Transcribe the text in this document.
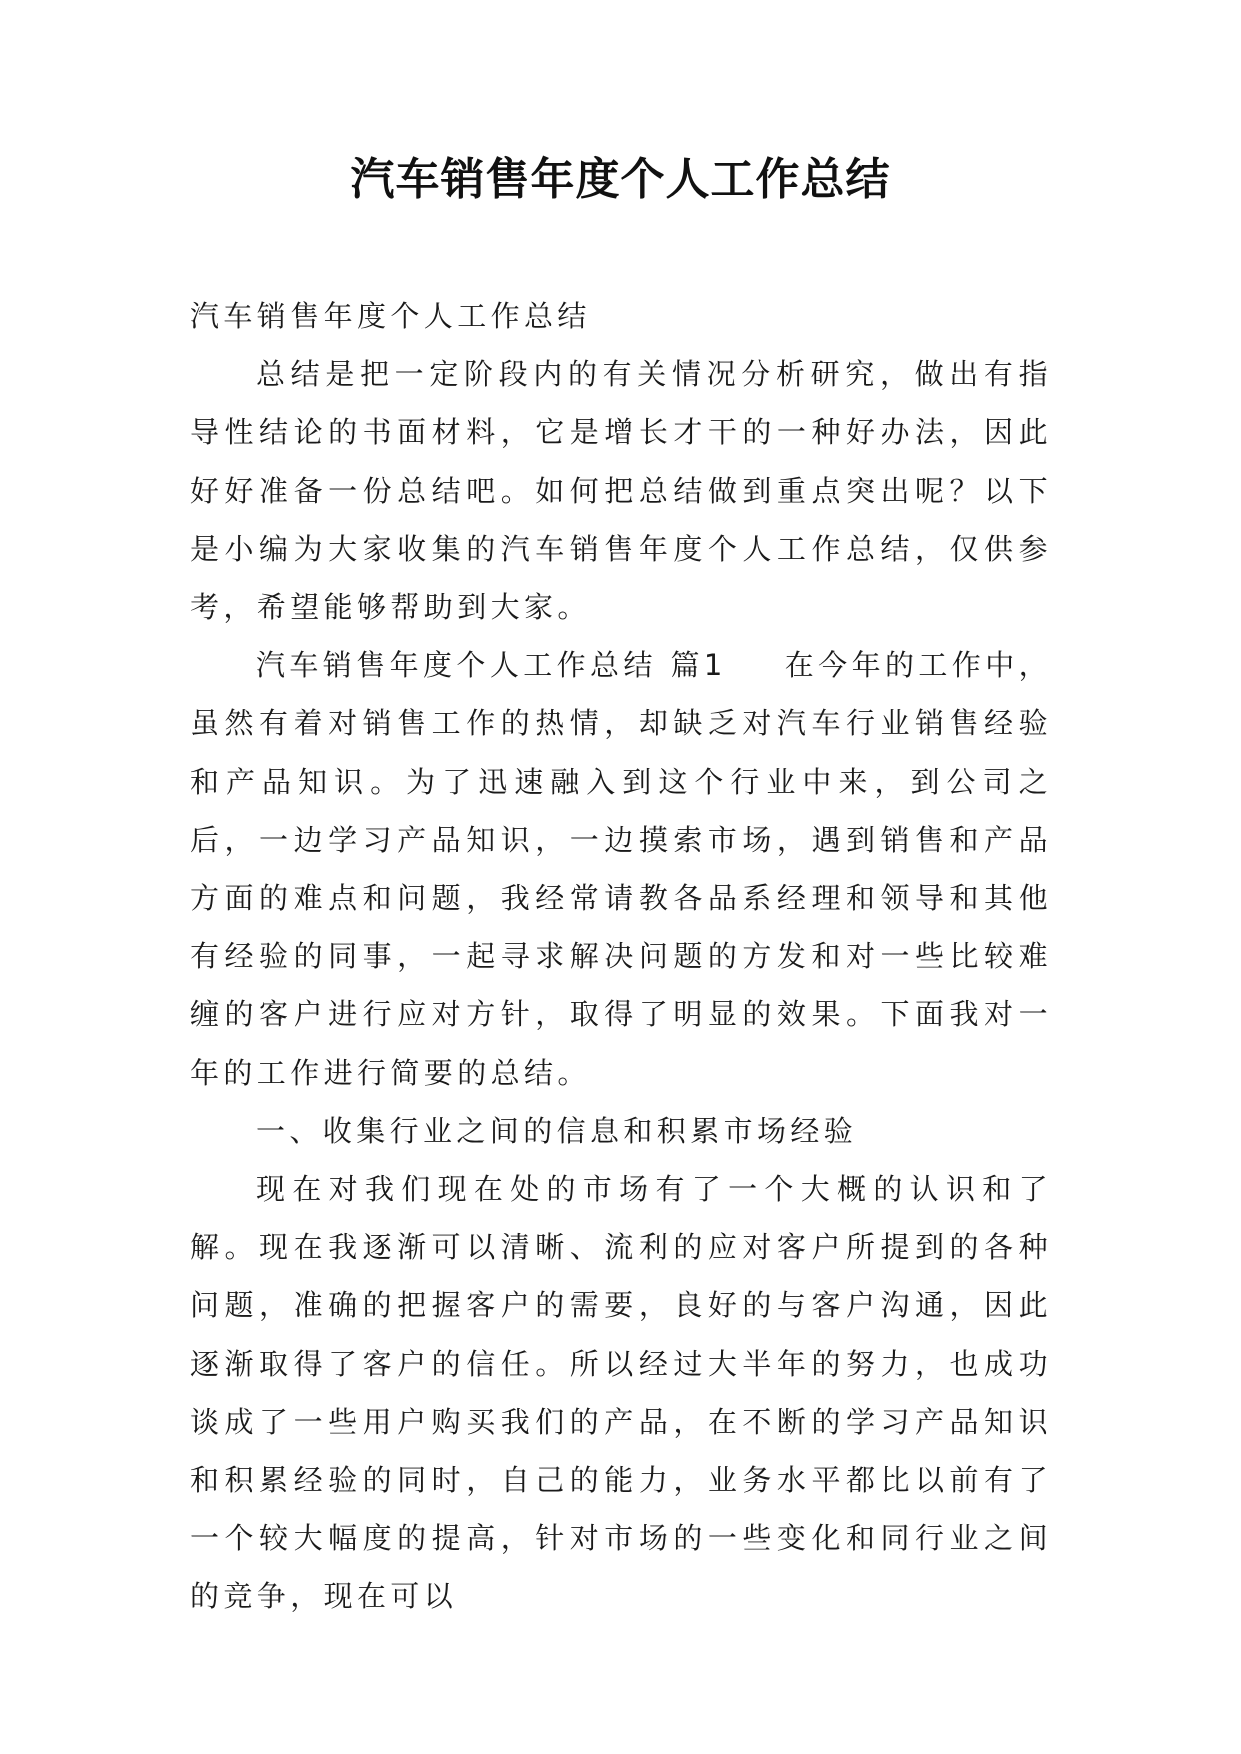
汽车销售年度个人工作总结

汽车销售年度个人工作总结

总结是把一定阶段内的有关情况分析研究，做出有指导性结论的书面材料，它是增长才干的一种好办法，因此好好准备一份总结吧。如何把总结做到重点突出呢？以下是小编为大家收集的汽车销售年度个人工作总结，仅供参考，希望能够帮助到大家。

汽车销售年度个人工作总结 篇1 在今年的工作中，虽然有着对销售工作的热情，却缺乏对汽车行业销售经验和产品知识。为了迅速融入到这个行业中来，到公司之后，一边学习产品知识，一边摸索市场，遇到销售和产品方面的难点和问题，我经常请教各品系经理和领导和其他有经验的同事，一起寻求解决问题的方发和对一些比较难缠的客户进行应对方针，取得了明显的效果。下面我对一年的工作进行简要的总结。

一、收集行业之间的信息和积累市场经验

现在对我们现在处的市场有了一个大概的认识和了解。现在我逐渐可以清晰、流利的应对客户所提到的各种问题，准确的把握客户的需要，良好的与客户沟通，因此逐渐取得了客户的信任。所以经过大半年的努力，也成功谈成了一些用户购买我们的产品，在不断的学习产品知识和积累经验的同时，自己的能力，业务水平都比以前有了一个较大幅度的提高，针对市场的一些变化和同行业之间的竞争，现在可以
